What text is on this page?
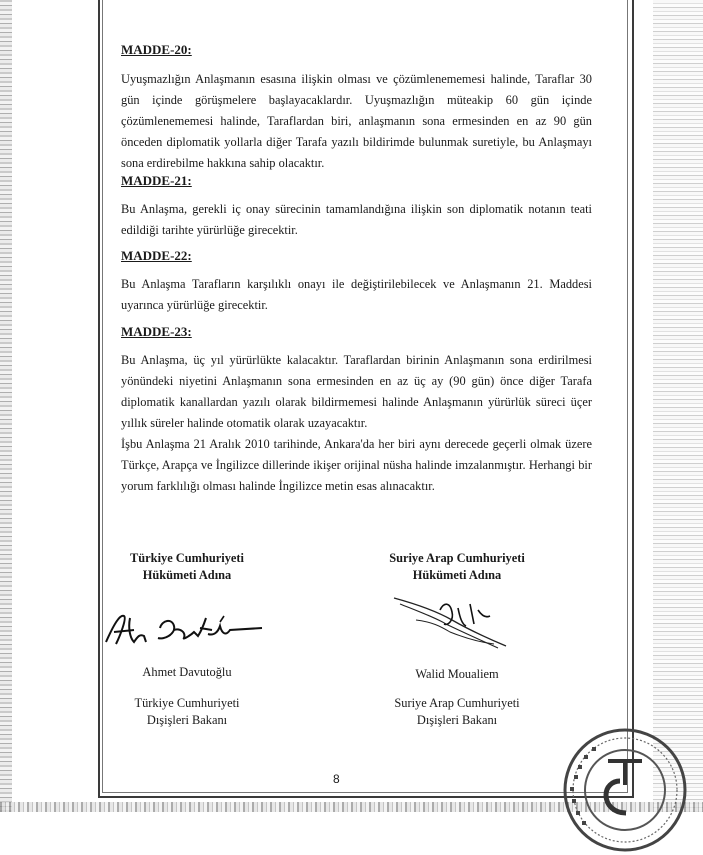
MADDE-20:

Uyuşmazlığın Anlaşmanın esasına ilişkin olması ve çözümlenememesi halinde, Taraflar 30 gün içinde görüşmelere başlayacaklardır. Uyuşmazlığın müteakip 60 gün içinde çözümlenememesi halinde, Taraflardan biri, anlaşmanın sona ermesinden en az 90 gün önceden diplomatik yollarla diğer Tarafa yazılı bildirimde bulunmak suretiyle, bu Anlaşmayı sona erdirebilme hakkına sahip olacaktır.

MADDE-21:

Bu Anlaşma, gerekli iç onay sürecinin tamamlandığına ilişkin son diplomatik notanın teati edildiği tarihte yürürlüğe girecektir.

MADDE-22:

Bu Anlaşma Tarafların karşılıklı onayı ile değiştirilebilecek ve Anlaşmanın 21. Maddesi uyarınca yürürlüğe girecektir.

MADDE-23:

Bu Anlaşma, üç yıl yürürlükte kalacaktır. Taraflardan birinin Anlaşmanın sona erdirilmesi yönündeki niyetini Anlaşmanın sona ermesinden en az üç ay (90 gün) önce diğer Tarafa diplomatik kanallardan yazılı olarak bildirmemesi halinde Anlaşmanın yürürlük süreci üçer yıllık süreler halinde otomatik olarak uzayacaktır.

İşbu Anlaşma 21 Aralık 2010 tarihinde, Ankara'da her biri aynı derecede geçerli olmak üzere Türkçe, Arapça ve İngilizce dillerinde ikişer orijinal nüsha halinde imzalanmıştır. Herhangi bir yorum farklılığı olması halinde İngilizce metin esas alınacaktır.

Türkiye Cumhuriyeti
Hükümeti Adına
Suriye Arap Cumhuriyeti
Hükümeti Adına
Ahmet Davutoğlu	Walid Moualiem
Türkiye Cumhuriyeti
Dışişleri Bakanı
Suriye Arap Cumhuriyeti
Dışişleri Bakanı
8
